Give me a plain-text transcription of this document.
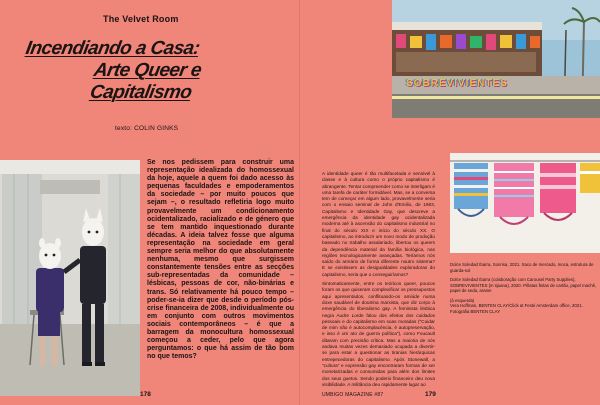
The Velvet Room
Incendiando a Casa:
Arte Queer e Capitalismo
texto: COLIN GINKS
Se nos pedissem para construir uma representação idealizada do homossexual da hoje, aquele a quem foi dado acesso às pequenas faculdades e empoderamentos da sociedade – por muito poucos que sejam –, o resultado refletiria logo muito provavelmente um condicionamento ocidentalizado, racializado e de género que se tem mantido inquestionado durante décadas. A ideia talvez fosse que alguma representação na sociedade em geral sempre seria melhor do que absolutamente nenhuma, mesmo que surgissem constantemente tensões entre as secções sub-representadas da comunidade – lésbicas, pessoas de cor, não-binárias e trans. Só relativamente há pouco tempo – poder-se-ia dizer que desde o período pós-crise financeira de 2008, individualmente ou em conjunto com outros movimentos sociais contemporâneos – é que a barragem da monocultura homossexual começou a ceder, pelo que agora perguntamos: o que há assim de tão bom no que temos?
178
SOBREVIVIENTES

A identidade queer é tão multifacetada e sensível à classe e à cultura como o próprio capitalismo é abrangente. Tentar compreender como se interligam é uma tarefa de caráter formidável. Mas, se a conversa tem de começar em algum lado, provavelmente seria com o ensaio seminal de John d'Emilio, de 1983, Capitalismo e Identidade Gay, que descreve a emergência da identidade gay ocidentalizada moderna até à ascensão do capitalismo industrial no final do século XIX e início do século XX. O capitalismo, ao introduzir um novo modo de produção baseado no trabalho assalariado, libertou os queers da dependência material da família biológica, nas regiões tecnologicamente avançadas. Teríamos nós saído do armário de forma diferente noutro sistema? E se existissem as desigualdades exploradoras do capitalismo, seria que o conseguiríamos?

Sintomaticamente, entre os teóricos queer, poucos foram os que quiseram complexificar os pressupostos aqui apresentados, conflituando-os amiúde numa doxe saudável de doutrina marxista, que diz corpo à emergência do liberalismo gay. A feminista lésbica negra Audre Lorde falou dos efeitos dos cuidados pessoais e do capitalismo em suas moradas ("Cuidar de mim não é autocomplacência, é autopreservação, e isso é um ato de guerra política"), como Foucault ditaram com precisão crítica. Mas a maioria de nós andava muitas vezes demasiado ocupada a divertir-se para estar a questionar as tiranias hierárquicas entrepecedoras do capitalismo. Após Stonewall, a "cultura" e expressão gay encontraram formas de ser monetarizadas e consumidas para além dos limites dos seus guetos. Sendo poderio financeiro deu nova visibilidade. A militância deu rapidamente lugar ao

Dolce Soledad Ibarra, Sonrisa, 2021. Saco de mercado, moca, estrutura de guarda-sol

Dolce Soledad Ibarra (colaboração com Carousel Party Supplies), SOBREVIVIENTES (in tijuana), 2020. Piñatas feitas de cartão, papel machê, papel de seda, arame

(à esquerda)

Vera Hoffman, BENTEN CLAY/Click at Festé Amsterdam office, 2021. Fotografia BENTEN CLAY

UMBIGO MAGAZINE #87	179
